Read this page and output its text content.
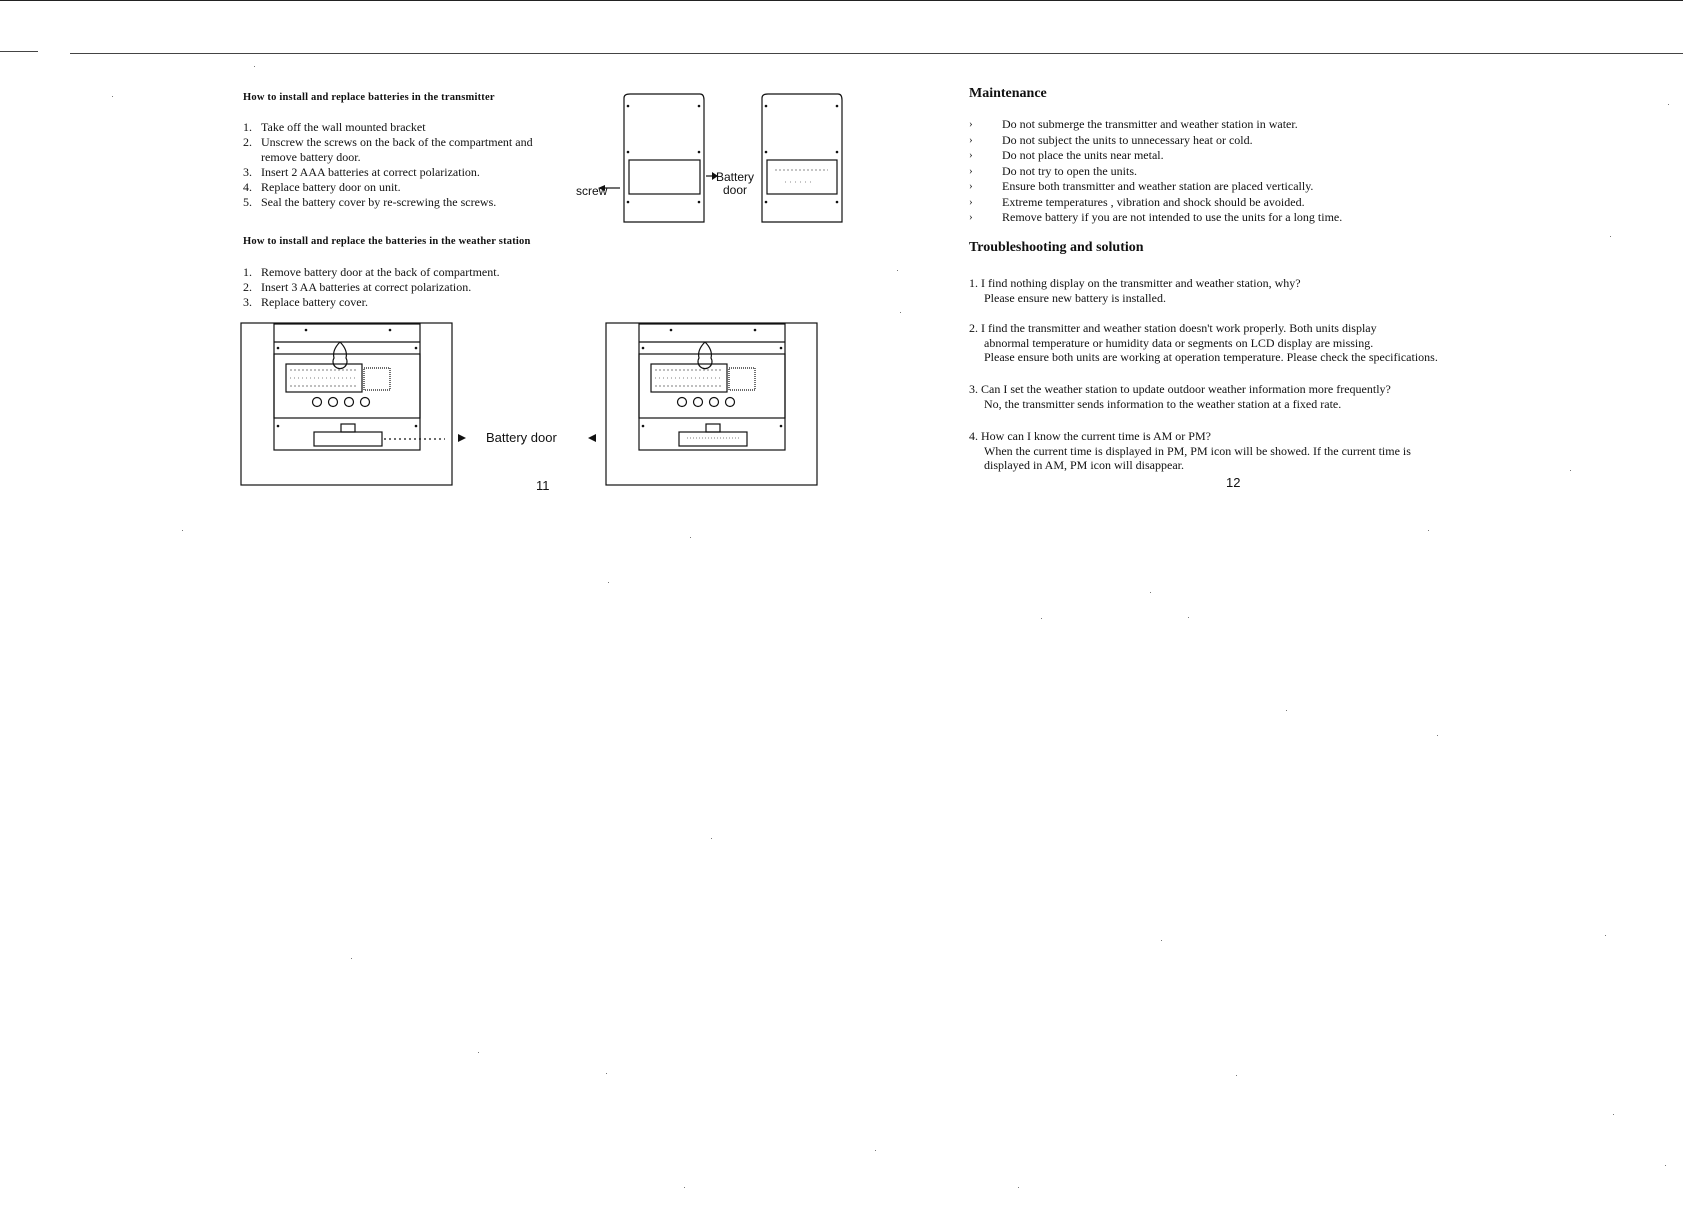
How to install and replace batteries in the transmitter
1. Take off the wall mounted bracket
2. Unscrew the screws on the back of the compartment and
remove battery door.
3. Insert 2 AAA batteries at correct polarization.
4. Replace battery door on unit.
5. Seal the battery cover by re-screwing the screws.
screw
Battery
door
How to install and replace the batteries in the weather station
1. Remove battery door at the back of compartment.
2. Insert 3 AA batteries at correct polarization.
3. Replace battery cover.
Battery door
11
Maintenance
› Do not submerge the transmitter and weather station in water.
› Do not subject the units to unnecessary heat or cold.
› Do not place the units near metal.
› Do not try to open the units.
› Ensure both transmitter and weather station are placed vertically.
› Extreme temperatures , vibration and shock should be avoided.
› Remove battery if you are not intended to use the units for a long time.
Troubleshooting and solution
1. I find nothing display on the transmitter and weather station, why?
Please ensure new battery is installed.
2. I find the transmitter and weather station doesn't work properly. Both units display
abnormal temperature or humidity data or segments on LCD display are missing.
Please ensure both units are working at operation temperature. Please check the specifications.
3. Can I set the weather station to update outdoor weather information more frequently?
No, the transmitter sends information to the weather station at a fixed rate.
4. How can I know the current time is AM or PM?
When the current time is displayed in PM, PM icon will be showed. If the current time is
displayed in AM, PM icon will disappear.
12
